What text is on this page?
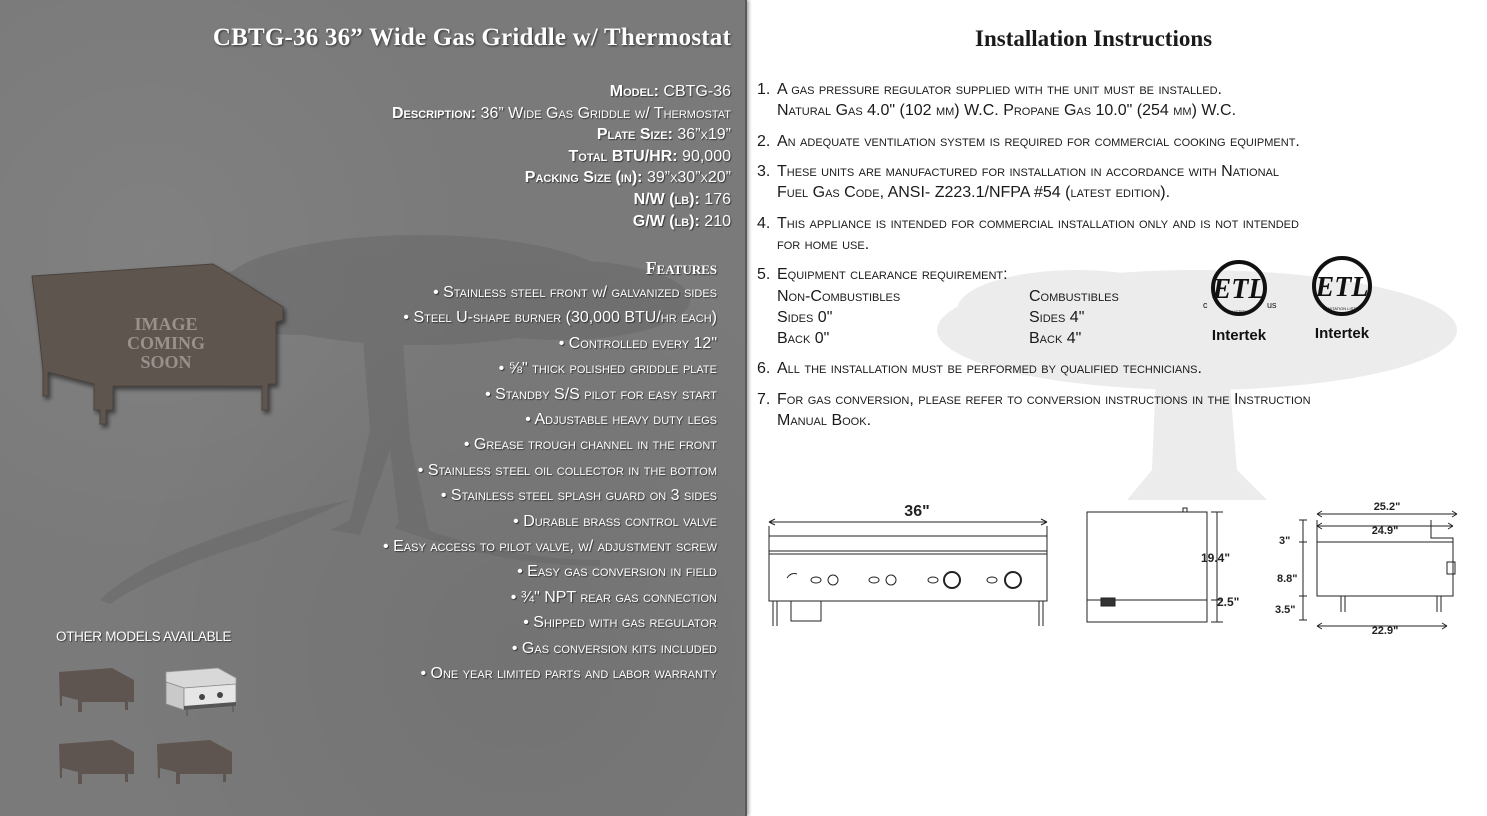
CBTG-36 36” Wide Gas Griddle w/ Thermostat
Model: CBTG-36
Description: 36” Wide Gas Griddle w/ Thermostat
Plate Size: 36”x19”
Total BTU/HR: 90,000
Packing Size (in): 39”x30”x20”
N/W (lb): 176
G/W (lb): 210
IMAGE
COMING
SOON
Features
• Stainless steel front w/ galvanized sides
• Steel U-shape burner (30,000 BTU/hr each)
• Controlled every 12"
• ⅝" thick polished griddle plate
• Standby S/S pilot for easy start
• Adjustable heavy duty legs
• Grease trough channel in the front
• Stainless steel oil collector in the bottom
• Stainless steel splash guard on 3 sides
• Durable brass control valve
• Easy access to pilot valve, w/ adjustment screw
• Easy gas conversion in field
• ¾" NPT rear gas connection
• Shipped with gas regulator
• Gas conversion kits included
• One year limited parts and labor warranty
OTHER MODELS AVAILABLE
Installation Instructions
1. A gas pressure regulator supplied with the unit must be installed.
Natural Gas 4.0" (102 mm) W.C. Propane Gas 10.0" (254 mm) W.C.
2. An adequate ventilation system is required for commercial cooking equipment.
3. These units are manufactured for installation in accordance with National
Fuel Gas Code, ANSI- Z223.1/NFPA #54 (latest edition).
4. This appliance is intended for commercial installation only and is not intended
for home use.
5. Equipment clearance requirement:
Non-Combustibles	Combustibles
Sides 0"	Sides 4"
Back 0"	Back 4"
6. All the installation must be performed by qualified technicians.
7. For gas conversion, please refer to conversion instructions in the Instruction
Manual Book.
ETL
c	us
LISTED
Intertek
ETL
SANITATION LISTED
Intertek
36"
19.4"
2.5"
25.2"
24.9"
3"
8.8"
3.5"
22.9"
